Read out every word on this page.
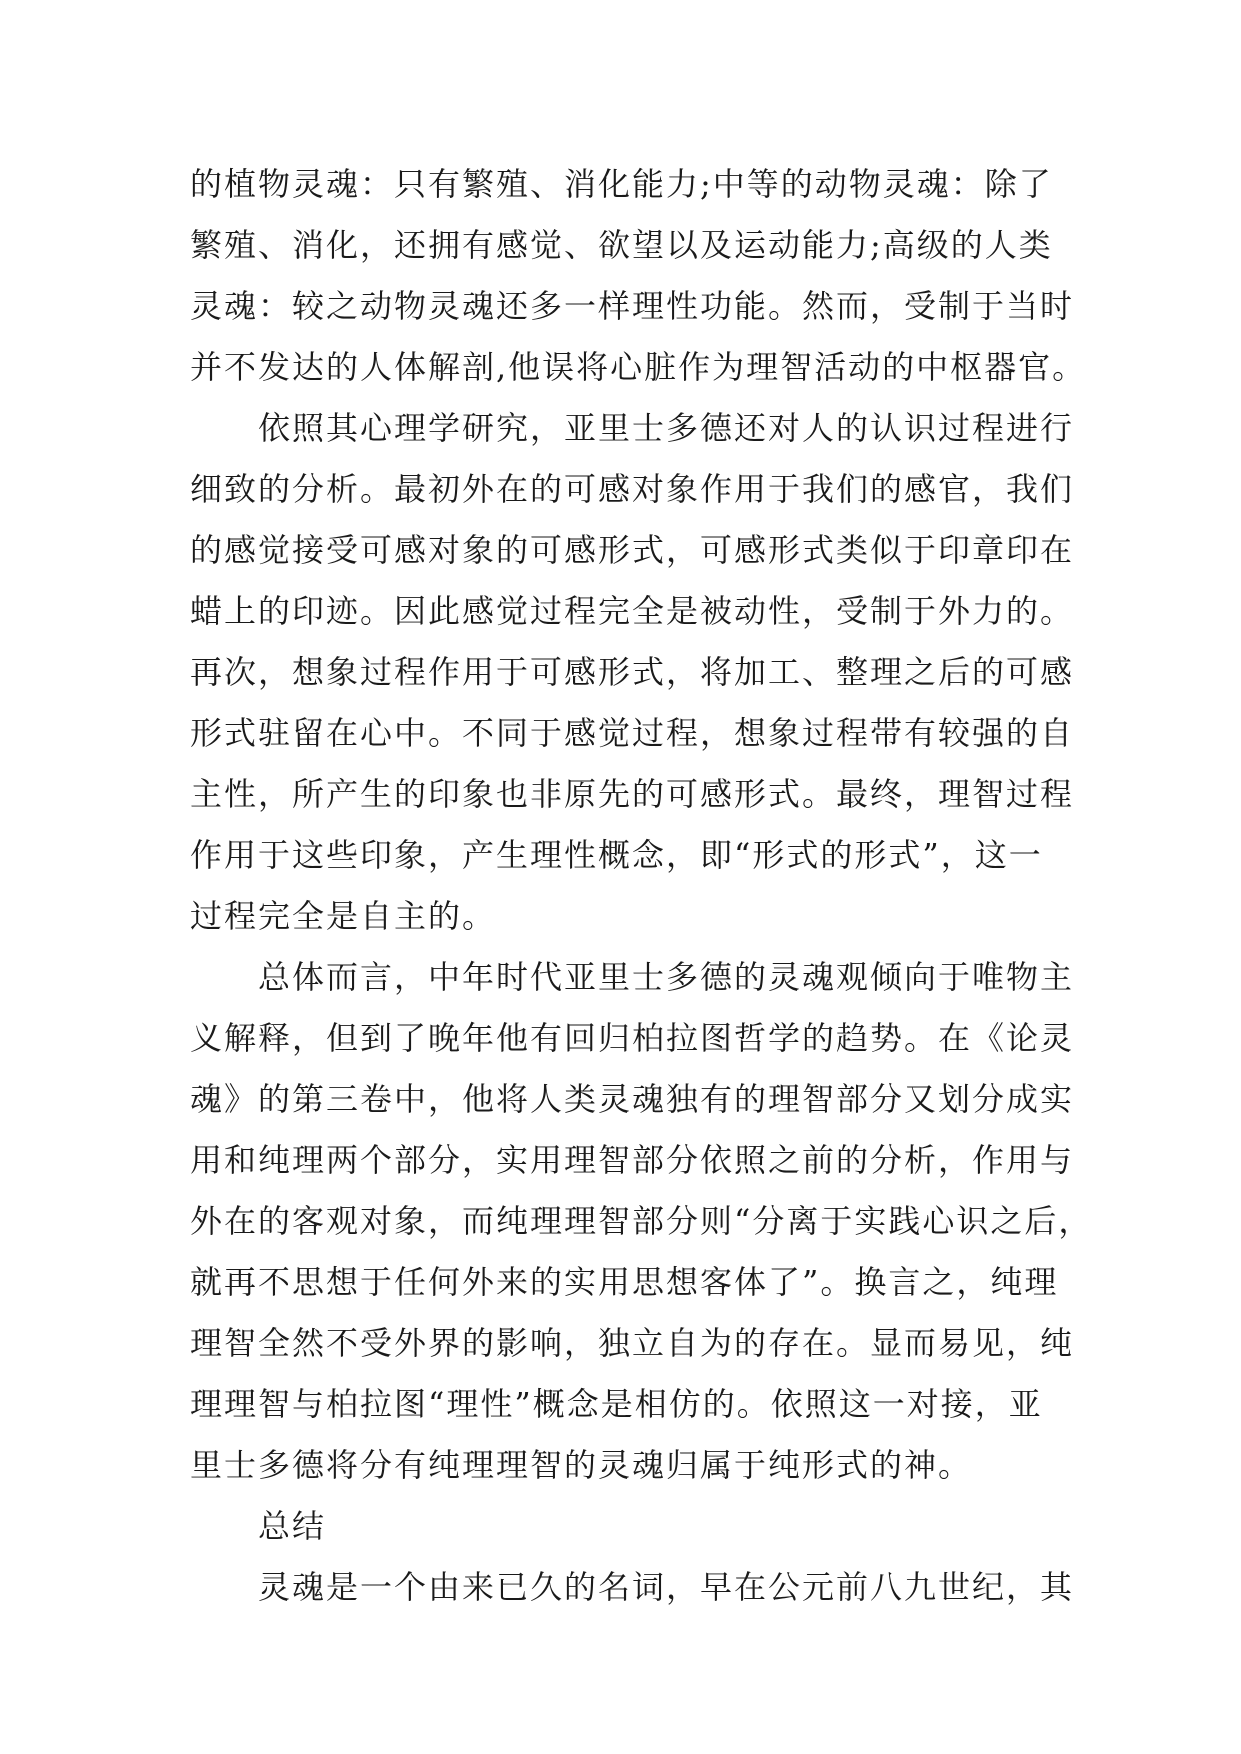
的植物灵魂：只有繁殖、消化能力;中等的动物灵魂：除了
繁殖、消化，还拥有感觉、欲望以及运动能力;高级的人类
灵魂：较之动物灵魂还多一样理性功能。然而，受制于当时
并不发达的人体解剖,他误将心脏作为理智活动的中枢器官。
　　依照其心理学研究，亚里士多德还对人的认识过程进行
细致的分析。最初外在的可感对象作用于我们的感官，我们
的感觉接受可感对象的可感形式，可感形式类似于印章印在
蜡上的印迹。因此感觉过程完全是被动性，受制于外力的。
再次，想象过程作用于可感形式，将加工、整理之后的可感
形式驻留在心中。不同于感觉过程，想象过程带有较强的自
主性，所产生的印象也非原先的可感形式。最终，理智过程
作用于这些印象，产生理性概念，即“形式的形式”，这一
过程完全是自主的。
　　总体而言，中年时代亚里士多德的灵魂观倾向于唯物主
义解释，但到了晚年他有回归柏拉图哲学的趋势。在《论灵
魂》的第三卷中，他将人类灵魂独有的理智部分又划分成实
用和纯理两个部分，实用理智部分依照之前的分析，作用与
外在的客观对象，而纯理理智部分则“分离于实践心识之后，
就再不思想于任何外来的实用思想客体了”。换言之，纯理
理智全然不受外界的影响，独立自为的存在。显而易见，纯
理理智与柏拉图“理性”概念是相仿的。依照这一对接，亚
里士多德将分有纯理理智的灵魂归属于纯形式的神。
　　总结
　　灵魂是一个由来已久的名词，早在公元前八九世纪，其
